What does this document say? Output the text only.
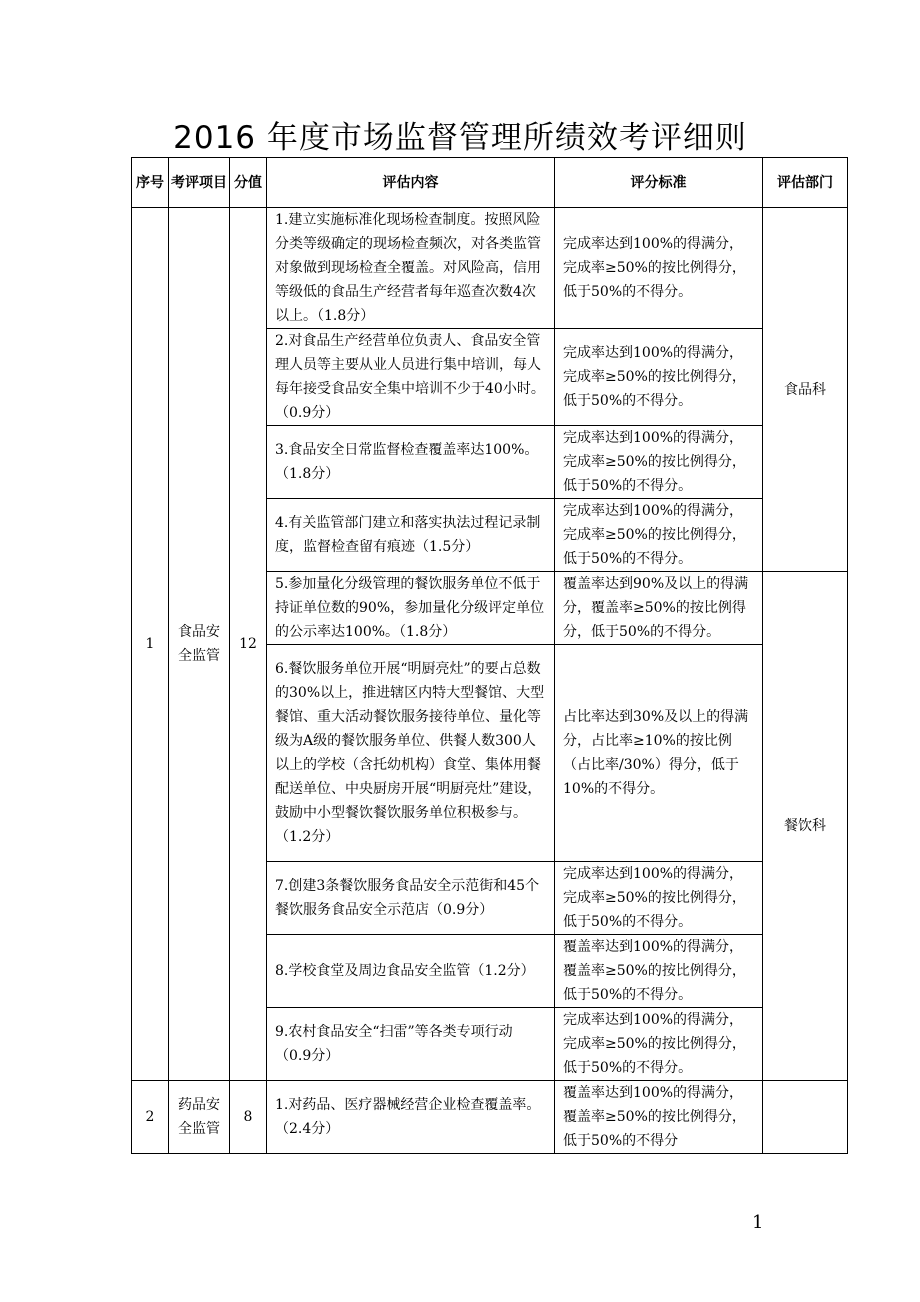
2016 年度市场监督管理所绩效考评细则
序号	考评项目	分值	评估内容	评分标准	评估部门
1	食品安全监管	12	1.建立实施标准化现场检查制度。按照风险分类等级确定的现场检查频次，对各类监管对象做到现场检查全覆盖。对风险高，信用等级低的食品生产经营者每年巡查次数4次以上。（1.8分）	完成率达到100%的得满分，完成率≥50%的按比例得分，低于50%的不得分。	食品科
			2.对食品生产经营单位负责人、食品安全管理人员等主要从业人员进行集中培训，每人每年接受食品安全集中培训不少于40小时。（0.9分）	完成率达到100%的得满分，完成率≥50%的按比例得分，低于50%的不得分。	
			3.食品安全日常监督检查覆盖率达100%。 （1.8分）	完成率达到100%的得满分，完成率≥50%的按比例得分，低于50%的不得分。	
			4.有关监管部门建立和落实执法过程记录制度，监督检查留有痕迹（1.5分）	完成率达到100%的得满分，完成率≥50%的按比例得分，低于50%的不得分。	
			5.参加量化分级管理的餐饮服务单位不低于持证单位数的90%，参加量化分级评定单位的公示率达100%。（1.8分）	覆盖率达到90%及以上的得满分，覆盖率≥50%的按比例得分，低于50%的不得分。	餐饮科
			6.餐饮服务单位开展“明厨亮灶”的要占总数的30%以上，推进辖区内特大型餐馆、大型餐馆、重大活动餐饮服务接待单位、量化等级为A级的餐饮服务单位、供餐人数300人以上的学校（含托幼机构）食堂、集体用餐配送单位、中央厨房开展“明厨亮灶”建设，鼓励中小型餐饮餐饮服务单位积极参与。（1.2分）	占比率达到30%及以上的得满分，占比率≥10%的按比例（占比率/30%）得分，低于10%的不得分。	
			7.创建3条餐饮服务食品安全示范街和45个餐饮服务食品安全示范店（0.9分）	完成率达到100%的得满分，完成率≥50%的按比例得分，低于50%的不得分。	
			8.学校食堂及周边食品安全监管（1.2分）	覆盖率达到100%的得满分，覆盖率≥50%的按比例得分，低于50%的不得分。	
			9.农村食品安全“扫雷”等各类专项行动（0.9分）	完成率达到100%的得满分，完成率≥50%的按比例得分，低于50%的不得分。	
2	药品安全监管	8	1.对药品、医疗器械经营企业检查覆盖率。（2.4分）	覆盖率达到100%的得满分，覆盖率≥50%的按比例得分，低于50%的不得分	
1
